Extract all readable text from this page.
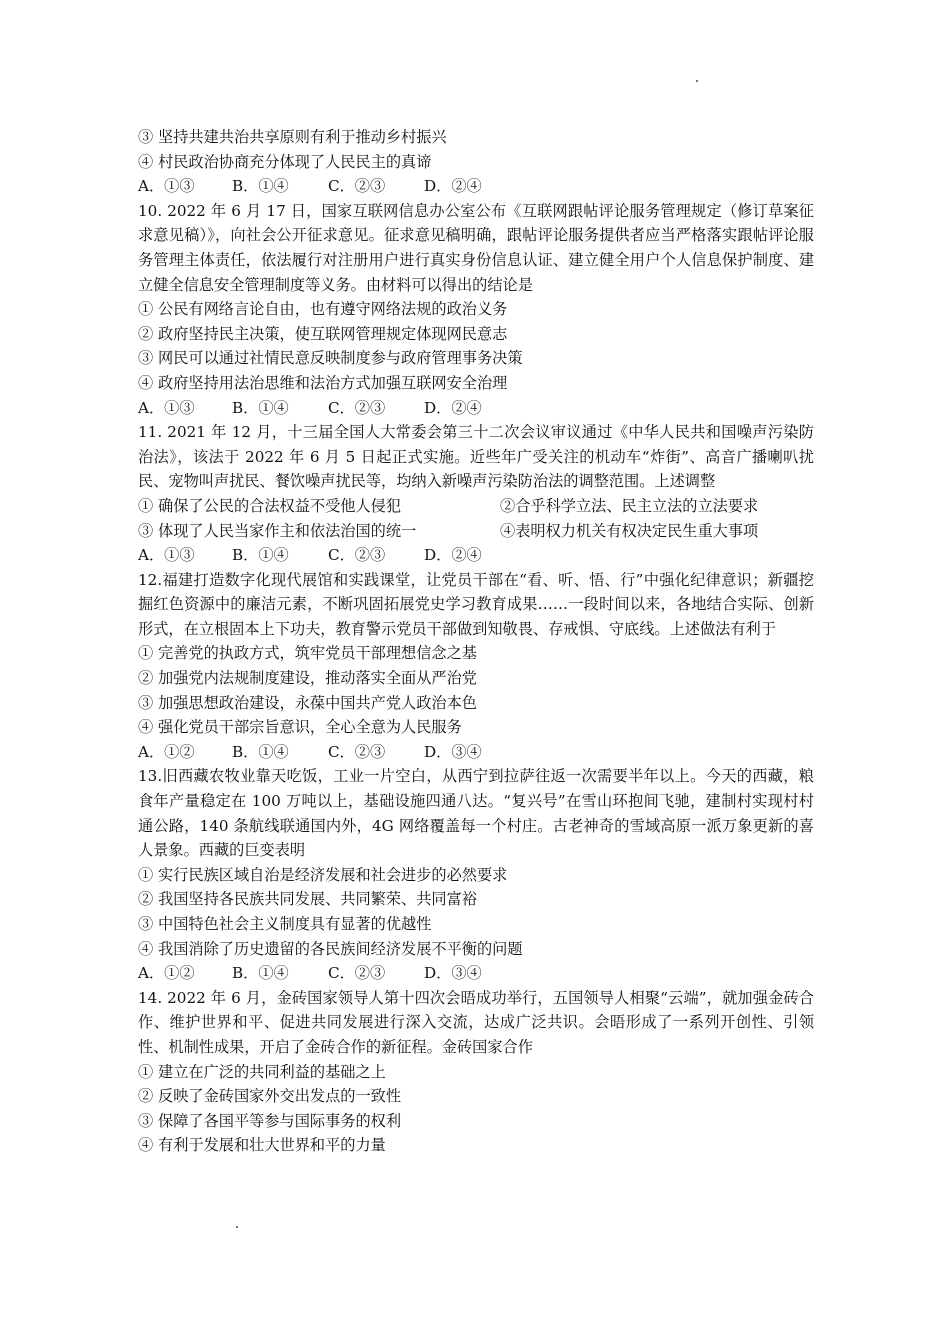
③ 坚持共建共治共享原则有利于推动乡村振兴
④ 村民政治协商充分体现了人民民主的真谛
A．①③ B．①④	C．②③	D．②④
10. 2022 年 6 月 17 日，国家互联网信息办公室公布《互联网跟帖评论服务管理规定（修订草案征求意见稿）》，向社会公开征求意见。征求意见稿明确，跟帖评论服务提供者应当严格落实跟帖评论服务管理主体责任，依法履行对注册用户进行真实身份信息认证、建立健全用户个人信息保护制度、建立健全信息安全管理制度等义务。由材料可以得出的结论是
① 公民有网络言论自由，也有遵守网络法规的政治义务
② 政府坚持民主决策，使互联网管理规定体现网民意志
③ 网民可以通过社情民意反映制度参与政府管理事务决策
④ 政府坚持用法治思维和法治方式加强互联网安全治理
A．①③ B．①④	C．②③	D．②④
11. 2021 年 12 月，十三届全国人大常委会第三十二次会议审议通过《中华人民共和国噪声污染防治法》，该法于 2022 年 6 月 5 日起正式实施。近些年广受关注的机动车“炸街”、高音广播喇叭扰民、宠物叫声扰民、餐饮噪声扰民等，均纳入新噪声污染防治法的调整范围。上述调整
① 确保了公民的合法权益不受他人侵犯	②合乎科学立法、民主立法的立法要求
③ 体现了人民当家作主和依法治国的统一	④表明权力机关有权决定民生重大事项
A．①③ B．①④	C．②③	D．②④
12.福建打造数字化现代展馆和实践课堂，让党员干部在“看、听、悟、行”中强化纪律意识；新疆挖掘红色资源中的廉洁元素，不断巩固拓展党史学习教育成果……一段时间以来，各地结合实际、创新形式，在立根固本上下功夫，教育警示党员干部做到知敬畏、存戒惧、守底线。上述做法有利于
① 完善党的执政方式，筑牢党员干部理想信念之基
② 加强党内法规制度建设，推动落实全面从严治党
③ 加强思想政治建设，永葆中国共产党人政治本色
④ 强化党员干部宗旨意识，全心全意为人民服务
A．①② B．①④	C．②③	D．③④
13.旧西藏农牧业靠天吃饭，工业一片空白，从西宁到拉萨往返一次需要半年以上。今天的西藏，粮食年产量稳定在 100 万吨以上，基础设施四通八达。“复兴号”在雪山环抱间飞驰，建制村实现村村通公路，140 条航线联通国内外，4G 网络覆盖每一个村庄。古老神奇的雪域高原一派万象更新的喜人景象。西藏的巨变表明
① 实行民族区域自治是经济发展和社会进步的必然要求
② 我国坚持各民族共同发展、共同繁荣、共同富裕
③ 中国特色社会主义制度具有显著的优越性
④ 我国消除了历史遗留的各民族间经济发展不平衡的问题
A．①② B．①④	C．②③	D．③④
14. 2022 年 6 月，金砖国家领导人第十四次会晤成功举行，五国领导人相聚“云端”，就加强金砖合作、维护世界和平、促进共同发展进行深入交流，达成广泛共识。会晤形成了一系列开创性、引领性、机制性成果，开启了金砖合作的新征程。金砖国家合作
① 建立在广泛的共同利益的基础之上
② 反映了金砖国家外交出发点的一致性
③ 保障了各国平等参与国际事务的权利
④ 有利于发展和壮大世界和平的力量
